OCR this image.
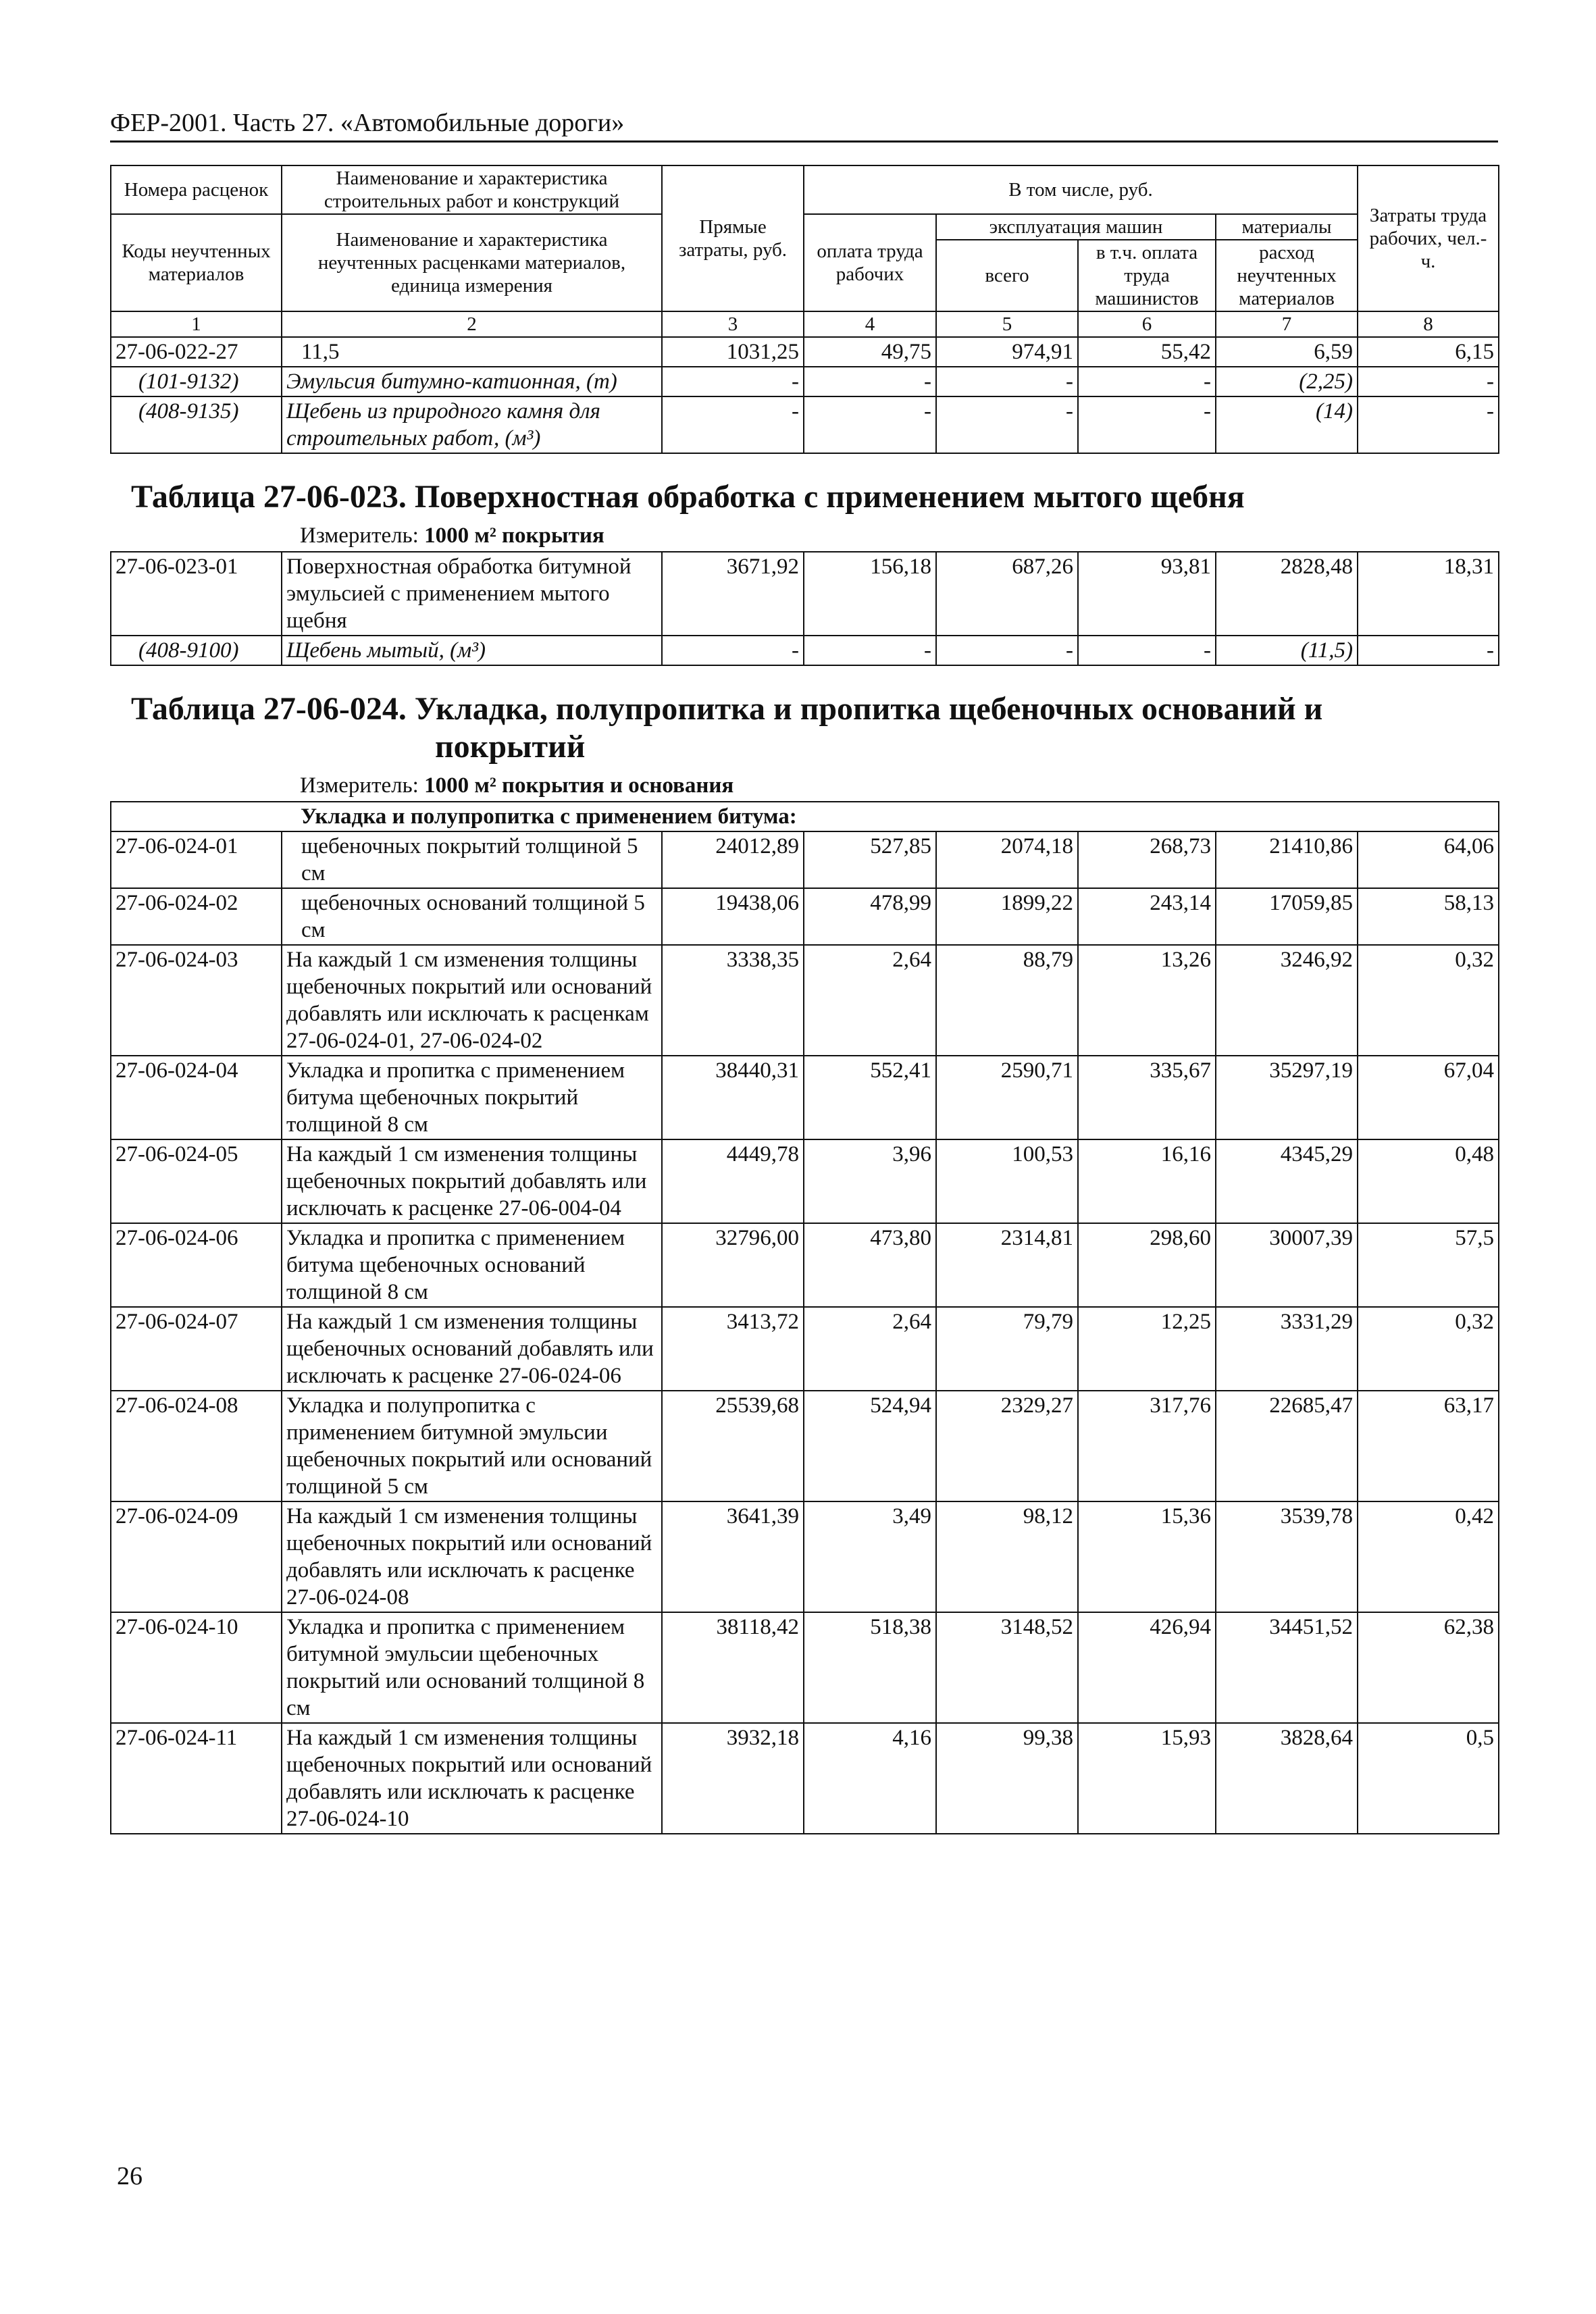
ФЕР-2001. Часть 27. «Автомобильные дороги»
Номера расценок	Наименование и характеристика строительных работ и конструкций	Прямые затраты, руб.	В том числе, руб.				Затраты труда рабочих, чел.-ч.
Коды неучтенных материалов	Наименование и характеристика неучтенных расценками материалов, единица измерения		оплата труда рабочих	эксплуатация машин		материалы	
				всего	в т.ч. оплата труда машинистов	расход неучтенных материалов	

1	2	3	4	5	6	7	8
27-06-022-27	11,5	1031,25	49,75	974,91	55,42	6,59	6,15
(101-9132)	Эмульсия битумно-катионная, (т)	-	-	-	-	(2,25)	-
(408-9135)	Щебень из природного камня для строительных работ, (м³)	-	-	-	-	(14)	-

Таблица 27-06-023. Поверхностная обработка с применением мытого щебня
Измеритель: 1000 м² покрытия							

27-06-023-01	Поверхностная обработка битумной эмульсией с применением мытого щебня	3671,92	156,18	687,26	93,81	2828,48	18,31
(408-9100)	Щебень мытый, (м³)	-	-	-	-	(11,5)	-

Таблица 27-06-024. Укладка, полупропитка и пропитка щебеночных оснований и
покрытий
Измеритель: 1000 м² покрытия и основания							

Укладка и полупропитка с применением битума:							
27-06-024-01	щебеночных покрытий толщиной 5 см	24012,89	527,85	2074,18	268,73	21410,86	64,06
27-06-024-02	щебеночных оснований толщиной 5 см	19438,06	478,99	1899,22	243,14	17059,85	58,13
27-06-024-03	На каждый 1 см изменения толщины щебеночных покрытий или оснований добавлять или исключать к расценкам 27-06-024-01, 27-06-024-02	3338,35	2,64	88,79	13,26	3246,92	0,32
27-06-024-04	Укладка и пропитка с применением битума щебеночных покрытий толщиной 8 см	38440,31	552,41	2590,71	335,67	35297,19	67,04
27-06-024-05	На каждый 1 см изменения толщины щебеночных покрытий добавлять или исключать к расценке 27-06-004-04	4449,78	3,96	100,53	16,16	4345,29	0,48
27-06-024-06	Укладка и пропитка с применением битума щебеночных оснований толщиной 8 см	32796,00	473,80	2314,81	298,60	30007,39	57,5
27-06-024-07	На каждый 1 см изменения толщины щебеночных оснований добавлять или исключать к расценке 27-06-024-06	3413,72	2,64	79,79	12,25	3331,29	0,32
27-06-024-08	Укладка и полупропитка с применением битумной эмульсии щебеночных покрытий или оснований толщиной 5 см	25539,68	524,94	2329,27	317,76	22685,47	63,17
27-06-024-09	На каждый 1 см изменения толщины щебеночных покрытий или оснований добавлять или исключать к расценке 27-06-024-08	3641,39	3,49	98,12	15,36	3539,78	0,42
27-06-024-10	Укладка и пропитка с применением битумной эмульсии щебеночных покрытий или оснований толщиной 8 см	38118,42	518,38	3148,52	426,94	34451,52	62,38
27-06-024-11	На каждый 1 см изменения толщины щебеночных покрытий или оснований добавлять или исключать к расценке 27-06-024-10	3932,18	4,16	99,38	15,93	3828,64	0,5
26
